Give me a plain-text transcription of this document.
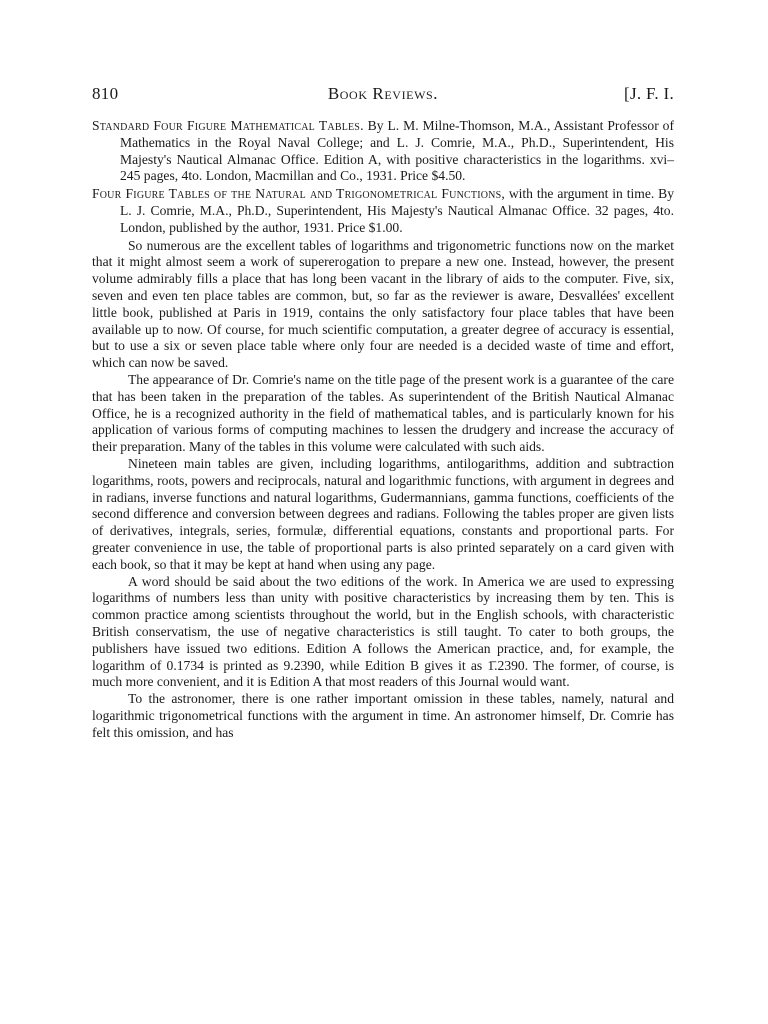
810	Book Reviews.	[J. F. I.
Standard Four Figure Mathematical Tables. By L. M. Milne-Thomson, M.A., Assistant Professor of Mathematics in the Royal Naval College; and L. J. Comrie, M.A., Ph.D., Superintendent, His Majesty's Nautical Almanac Office. Edition A, with positive characteristics in the logarithms. xvi–245 pages, 4to. London, Macmillan and Co., 1931. Price $4.50.
Four Figure Tables of the Natural and Trigonometrical Functions, with the argument in time. By L. J. Comrie, M.A., Ph.D., Superintendent, His Majesty's Nautical Almanac Office. 32 pages, 4to. London, published by the author, 1931. Price $1.00.

So numerous are the excellent tables of logarithms and trigonometric functions now on the market that it might almost seem a work of supererogation to prepare a new one. Instead, however, the present volume admirably fills a place that has long been vacant in the library of aids to the computer. Five, six, seven and even ten place tables are common, but, so far as the reviewer is aware, Desvallées' excellent little book, published at Paris in 1919, contains the only satisfactory four place tables that have been available up to now. Of course, for much scientific computation, a greater degree of accuracy is essential, but to use a six or seven place table where only four are needed is a decided waste of time and effort, which can now be saved.

The appearance of Dr. Comrie's name on the title page of the present work is a guarantee of the care that has been taken in the preparation of the tables. As superintendent of the British Nautical Almanac Office, he is a recognized authority in the field of mathematical tables, and is particularly known for his application of various forms of computing machines to lessen the drudgery and increase the accuracy of their preparation. Many of the tables in this volume were calculated with such aids.

Nineteen main tables are given, including logarithms, antilogarithms, addition and subtraction logarithms, roots, powers and reciprocals, natural and logarithmic functions, with argument in degrees and in radians, inverse functions and natural logarithms, Gudermannians, gamma functions, coefficients of the second difference and conversion between degrees and radians. Following the tables proper are given lists of derivatives, integrals, series, formulæ, differential equations, constants and proportional parts. For greater convenience in use, the table of proportional parts is also printed separately on a card given with each book, so that it may be kept at hand when using any page.

A word should be said about the two editions of the work. In America we are used to expressing logarithms of numbers less than unity with positive characteristics by increasing them by ten. This is common practice among scientists throughout the world, but in the English schools, with characteristic British conservatism, the use of negative characteristics is still taught. To cater to both groups, the publishers have issued two editions. Edition A follows the American practice, and, for example, the logarithm of 0.1734 is printed as 9.2390, while Edition B gives it as 1̄.2390. The former, of course, is much more convenient, and it is Edition A that most readers of this Journal would want.

To the astronomer, there is one rather important omission in these tables, namely, natural and logarithmic trigonometrical functions with the argument in time. An astronomer himself, Dr. Comrie has felt this omission, and has
